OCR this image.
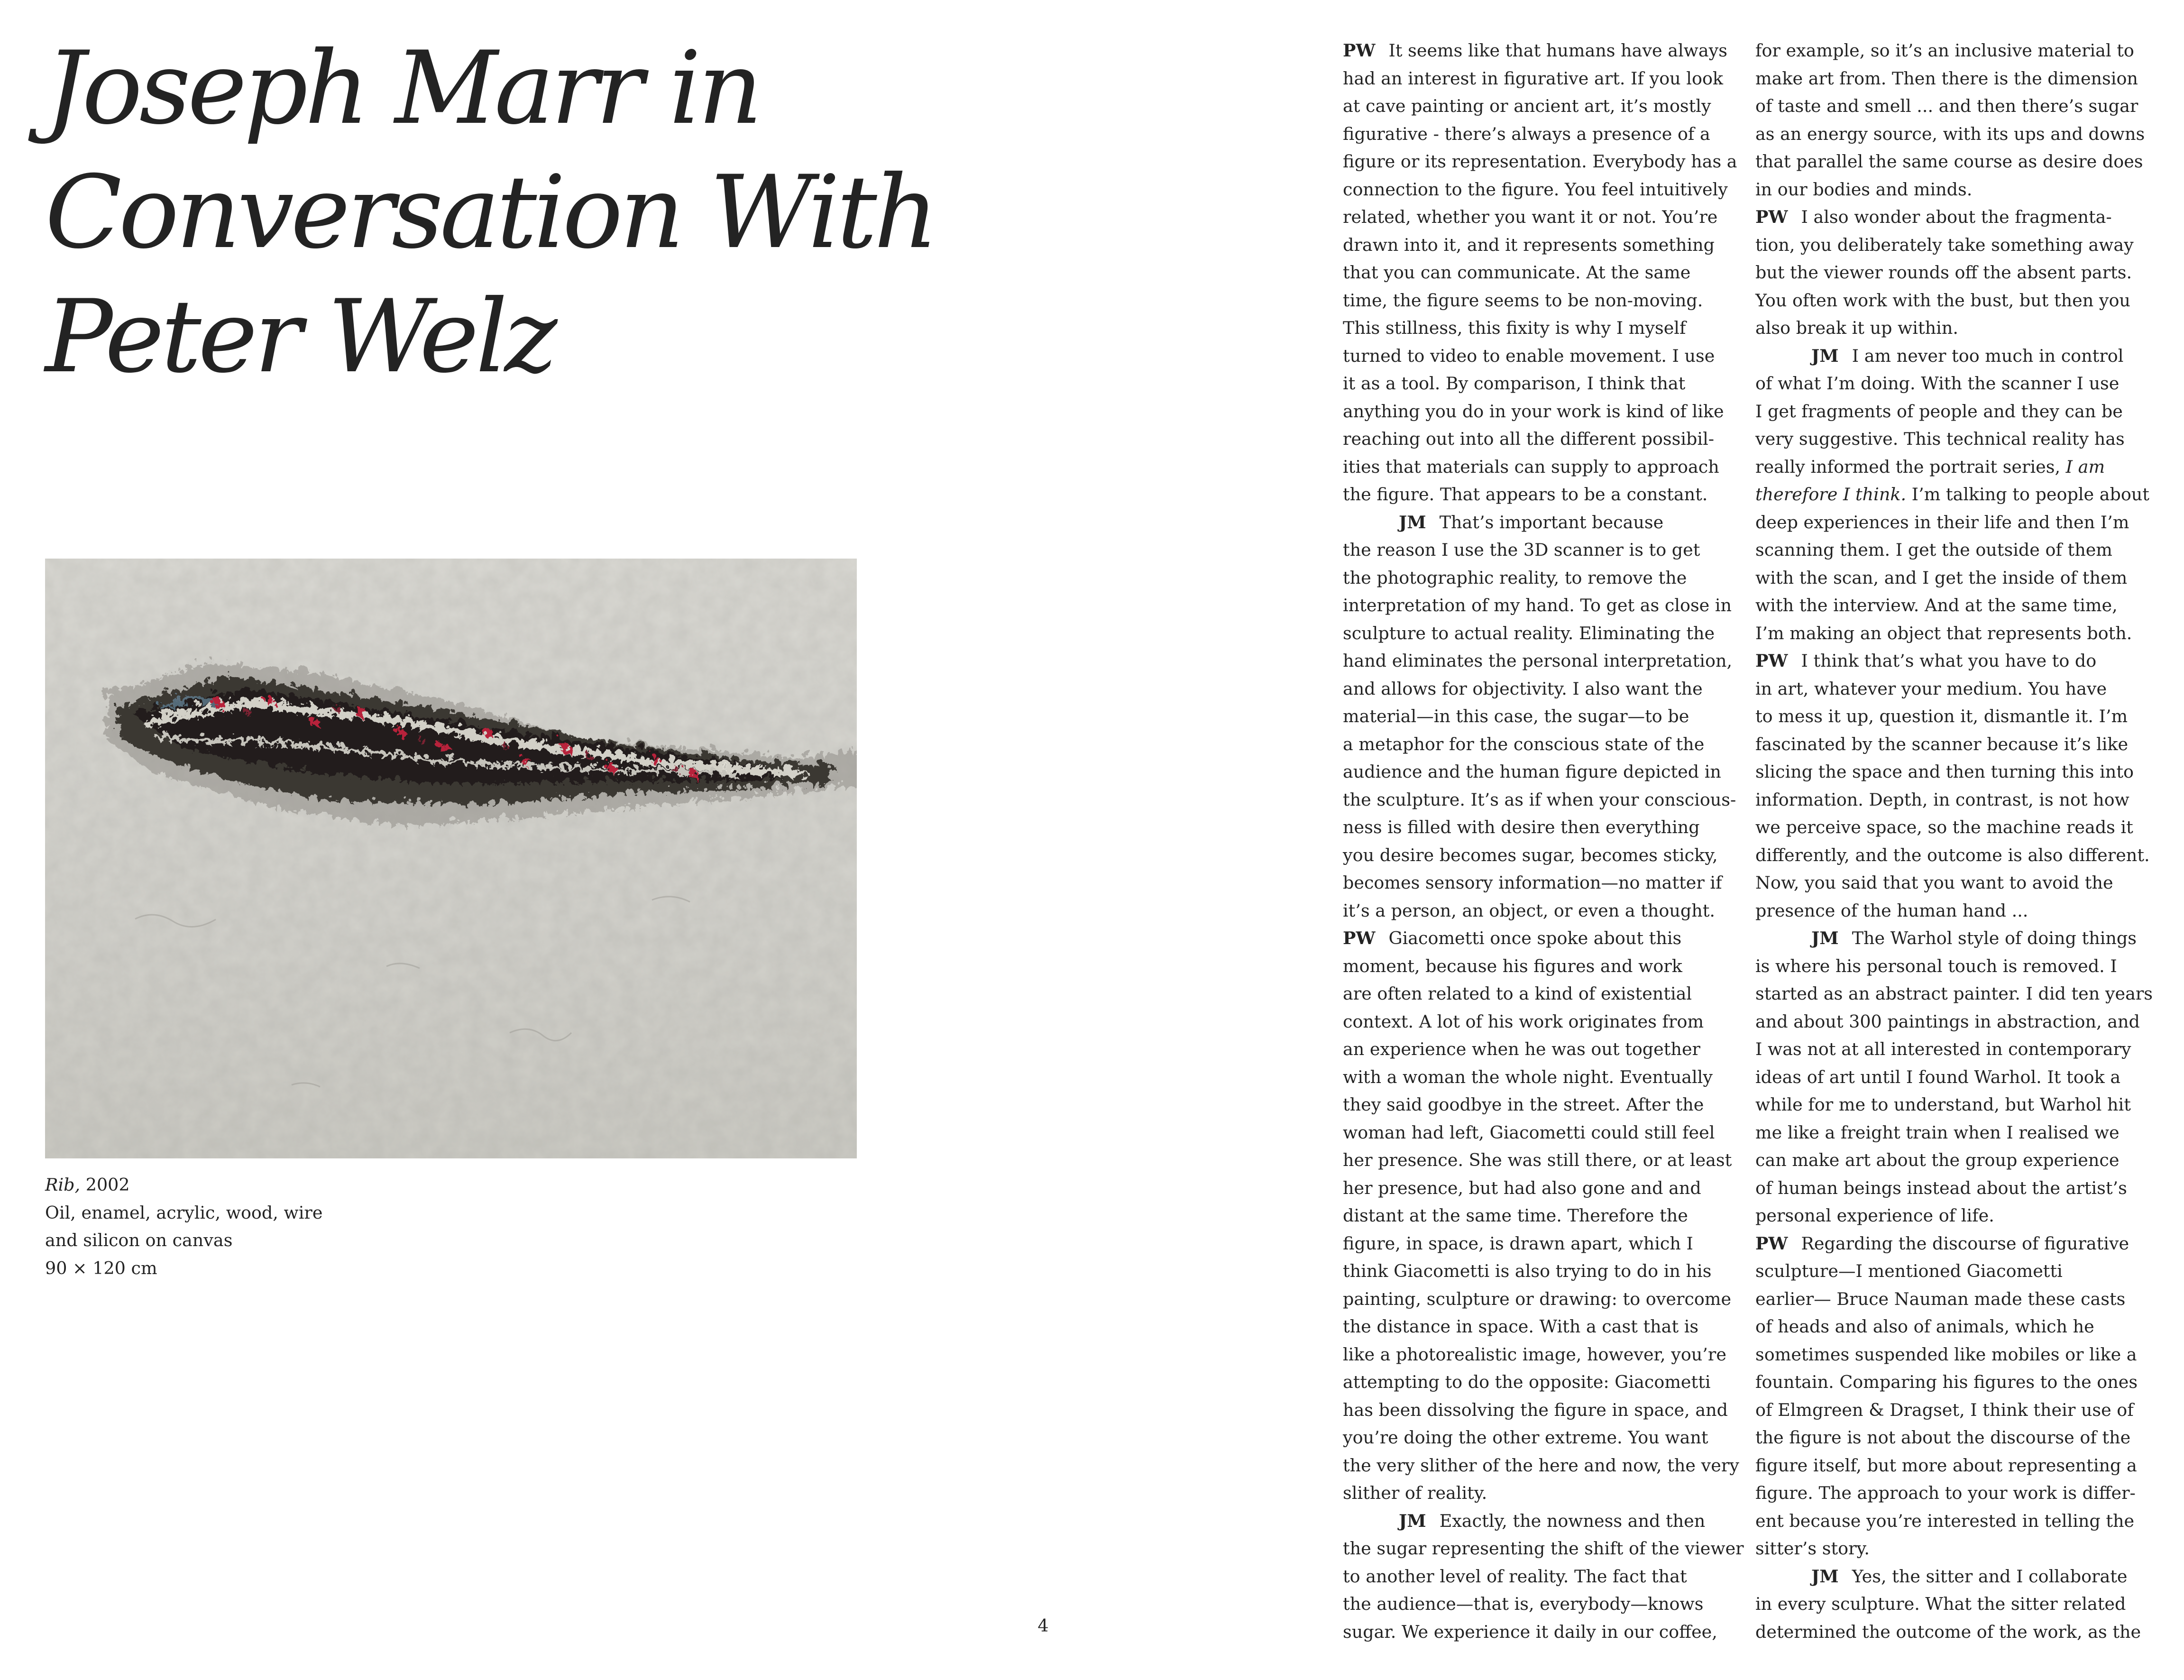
Joseph Marr in
Conversation With
Peter Welz
Rib, 2002
Oil, enamel, acrylic, wood, wire
and silicon on canvas
90 × 120 cm
4
PW It seems like that humans have always
had an interest in figurative art. If you look
at cave painting or ancient art, it’s mostly
figurative - there’s always a presence of a
figure or its representation. Everybody has a
connection to the figure. You feel intuitively
related, whether you want it or not. You’re
drawn into it, and it represents something
that you can communicate. At the same
time, the figure seems to be non-moving.
This stillness, this fixity is why I myself
turned to video to enable movement. I use
it as a tool. By comparison, I think that
anything you do in your work is kind of like
reaching out into all the different possibil-
ities that materials can supply to approach
the figure. That appears to be a constant.
JM That’s important because
the reason I use the 3D scanner is to get
the photographic reality, to remove the
interpretation of my hand. To get as close in
sculpture to actual reality. Eliminating the
hand eliminates the personal interpretation,
and allows for objectivity. I also want the
material—in this case, the sugar—to be
a metaphor for the conscious state of the
audience and the human figure depicted in
the sculpture. It’s as if when your conscious-
ness is filled with desire then everything
you desire becomes sugar, becomes sticky,
becomes sensory information—no matter if
it’s a person, an object, or even a thought.
PW Giacometti once spoke about this
moment, because his figures and work
are often related to a kind of existential
context. A lot of his work originates from
an experience when he was out together
with a woman the whole night. Eventually
they said goodbye in the street. After the
woman had left, Giacometti could still feel
her presence. She was still there, or at least
her presence, but had also gone and and
distant at the same time. Therefore the
figure, in space, is drawn apart, which I
think Giacometti is also trying to do in his
painting, sculpture or drawing: to overcome
the distance in space. With a cast that is
like a photorealistic image, however, you’re
attempting to do the opposite: Giacometti
has been dissolving the figure in space, and
you’re doing the other extreme. You want
the very slither of the here and now, the very
slither of reality.
JM Exactly, the nowness and then
the sugar representing the shift of the viewer
to another level of reality. The fact that
the audience—that is, everybody—knows
sugar. We experience it daily in our coffee,
for example, so it’s an inclusive material to
make art from. Then there is the dimension
of taste and smell ... and then there’s sugar
as an energy source, with its ups and downs
that parallel the same course as desire does
in our bodies and minds.
PW I also wonder about the fragmenta-
tion, you deliberately take something away
but the viewer rounds off the absent parts.
You often work with the bust, but then you
also break it up within.
JM I am never too much in control
of what I’m doing. With the scanner I use
I get fragments of people and they can be
very suggestive. This technical reality has
really informed the portrait series, I am
therefore I think. I’m talking to people about
deep experiences in their life and then I’m
scanning them. I get the outside of them
with the scan, and I get the inside of them
with the interview. And at the same time,
I’m making an object that represents both.
PW I think that’s what you have to do
in art, whatever your medium. You have
to mess it up, question it, dismantle it. I’m
fascinated by the scanner because it’s like
slicing the space and then turning this into
information. Depth, in contrast, is not how
we perceive space, so the machine reads it
differently, and the outcome is also different.
Now, you said that you want to avoid the
presence of the human hand ...
JM The Warhol style of doing things
is where his personal touch is removed. I
started as an abstract painter. I did ten years
and about 300 paintings in abstraction, and
I was not at all interested in contemporary
ideas of art until I found Warhol. It took a
while for me to understand, but Warhol hit
me like a freight train when I realised we
can make art about the group experience
of human beings instead about the artist’s
personal experience of life.
PW Regarding the discourse of figurative
sculpture—I mentioned Giacometti
earlier— Bruce Nauman made these casts
of heads and also of animals, which he
sometimes suspended like mobiles or like a
fountain. Comparing his figures to the ones
of Elmgreen & Dragset, I think their use of
the figure is not about the discourse of the
figure itself, but more about representing a
figure. The approach to your work is differ-
ent because you’re interested in telling the
sitter’s story.
JM Yes, the sitter and I collaborate
in every sculpture. What the sitter related
determined the outcome of the work, as the
